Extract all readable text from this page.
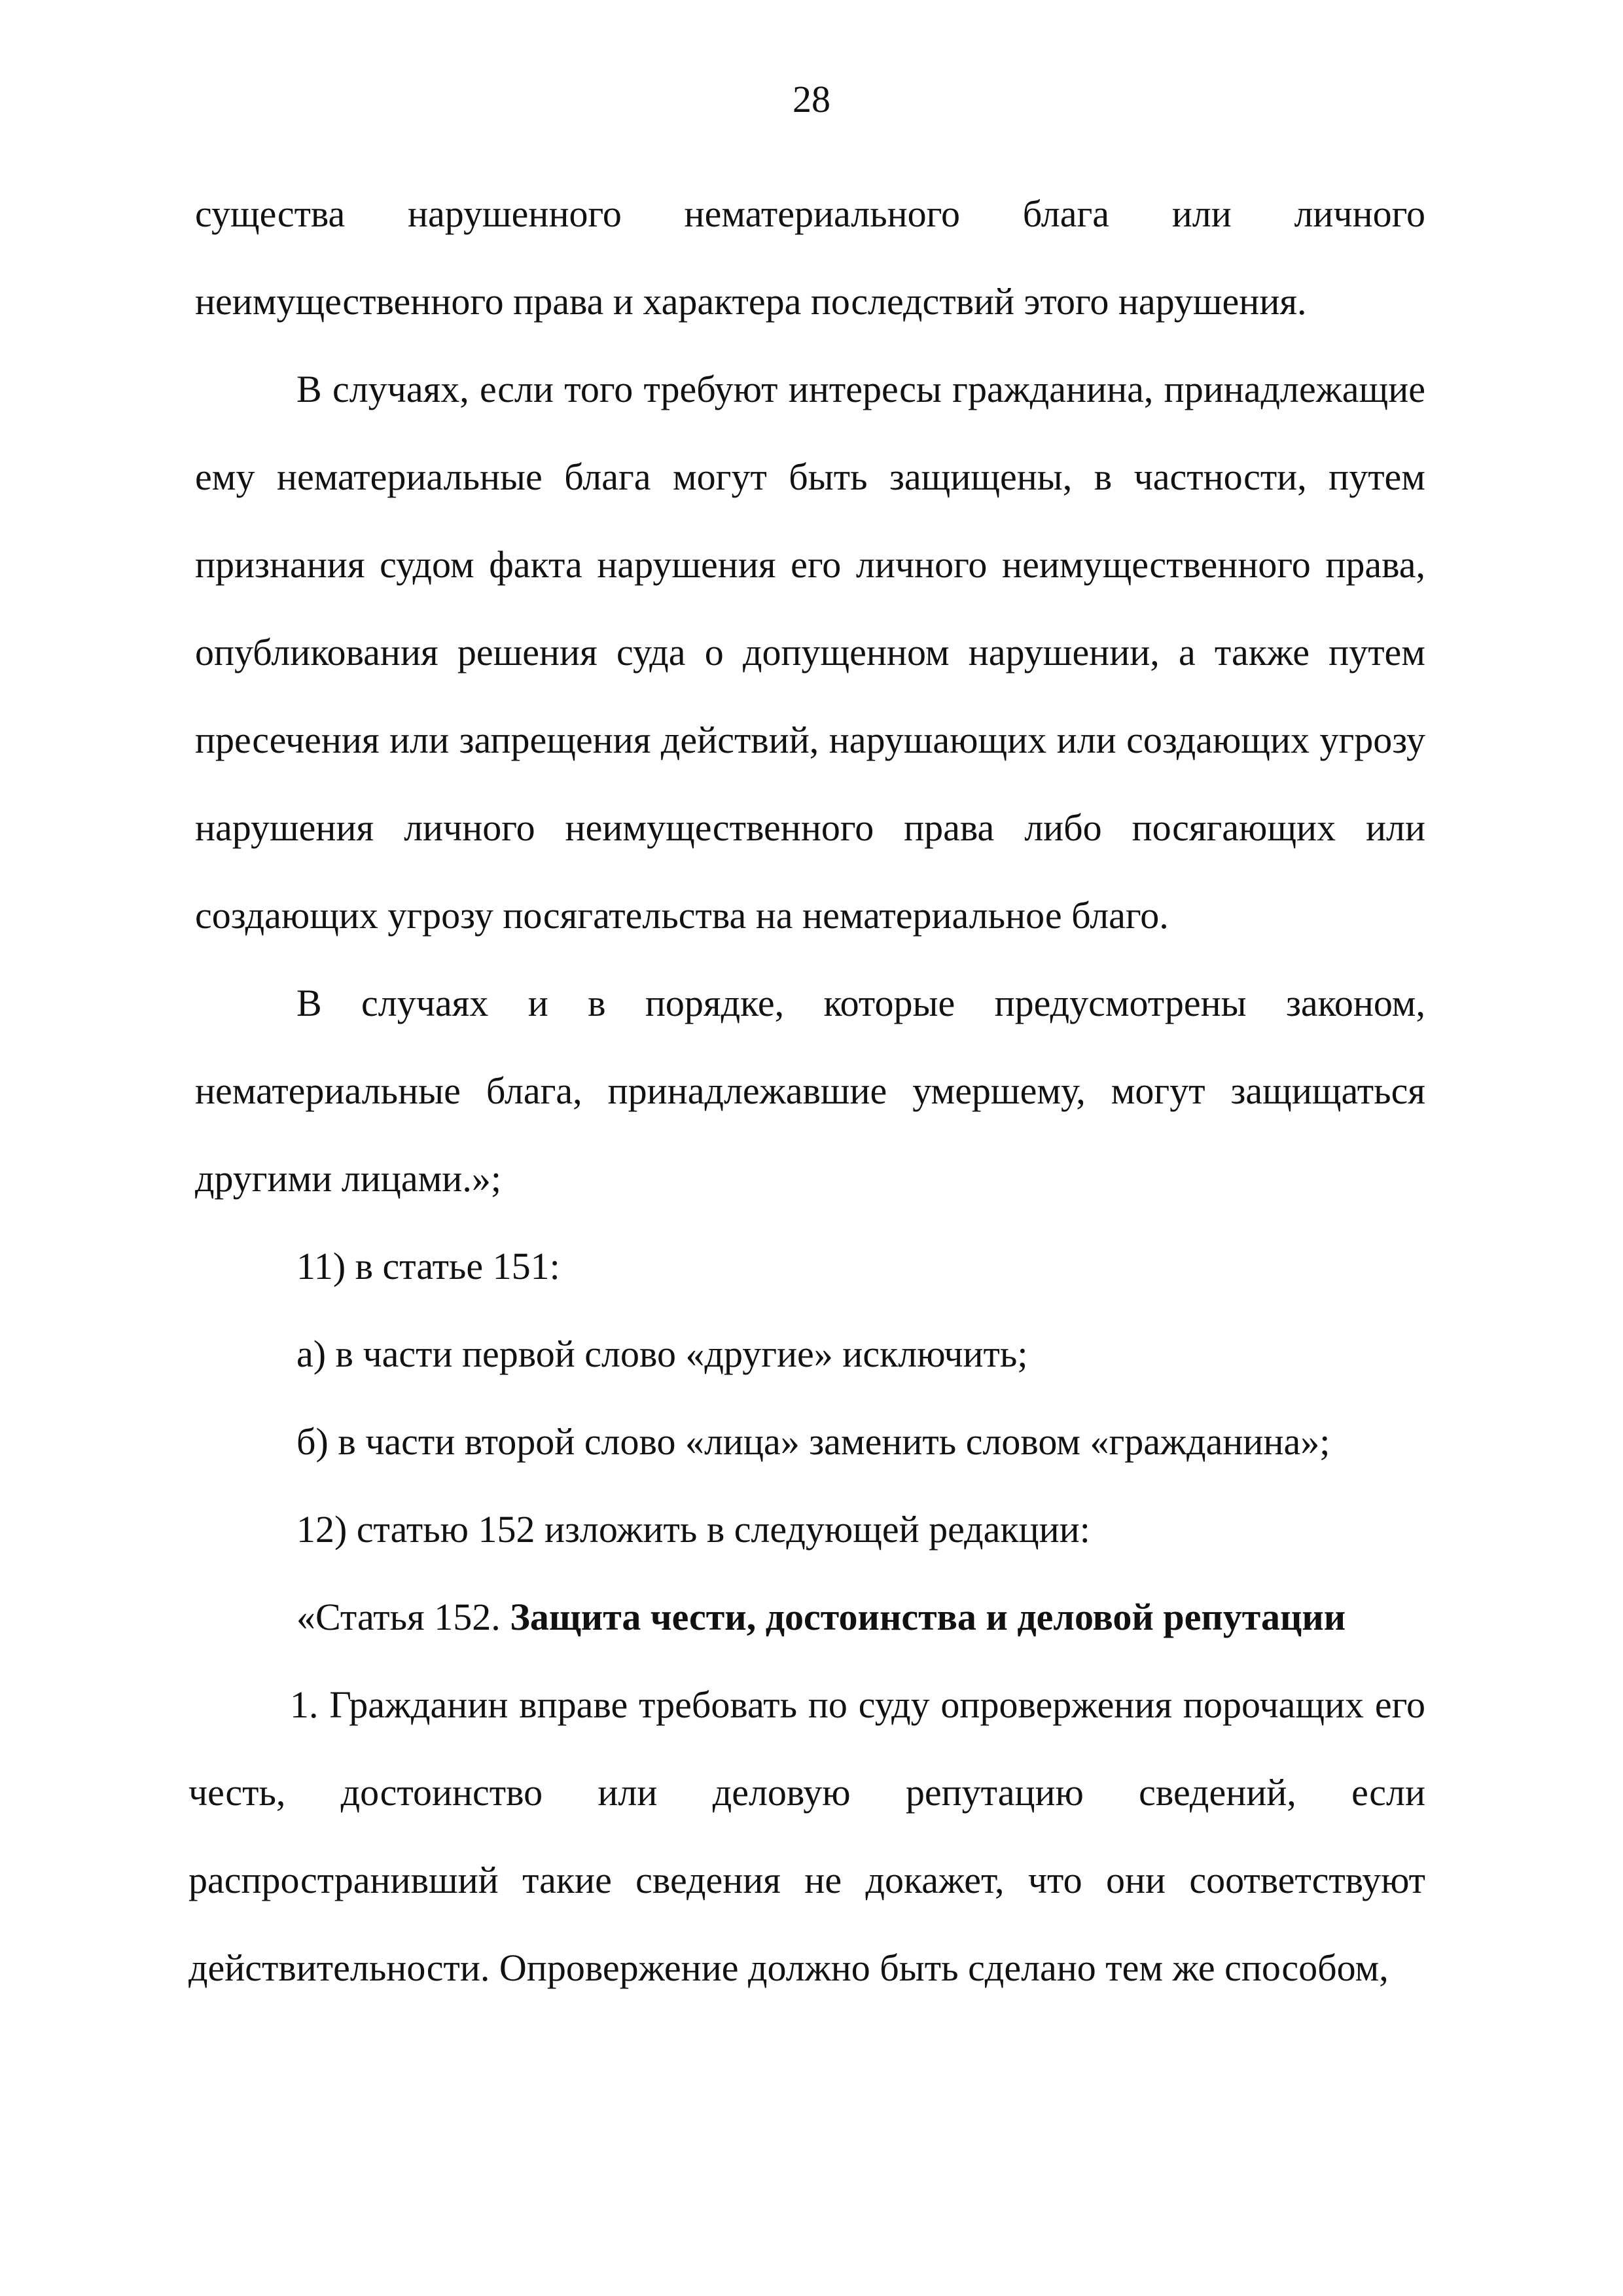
28

существа нарушенного нематериального блага или личного

неимущественного права и характера последствий этого нарушения.

В случаях, если того требуют интересы гражданина, принадлежащие ему нематериальные блага могут быть защищены, в частности, путем признания судом факта нарушения его личного неимущественного права, опубликования решения суда о допущенном нарушении, а также путем пресечения или запрещения действий, нарушающих или создающих угрозу нарушения личного неимущественного права либо посягающих или создающих угрозу посягательства на нематериальное благо.

В случаях и в порядке, которые предусмотрены законом, нематериальные блага, принадлежавшие умершему, могут защищаться другими лицами.»;

11) в статье 151:

а) в части первой слово «другие» исключить;

б) в части второй слово «лица» заменить словом «гражданина»;

12) статью 152 изложить в следующей редакции:

«Статья 152. Защита чести, достоинства и деловой репутации

1. Гражданин вправе требовать по суду опровержения порочащих его честь, достоинство или деловую репутацию сведений, если распространивший такие сведения не докажет, что они соответствуют действительности. Опровержение должно быть сделано тем же способом,
